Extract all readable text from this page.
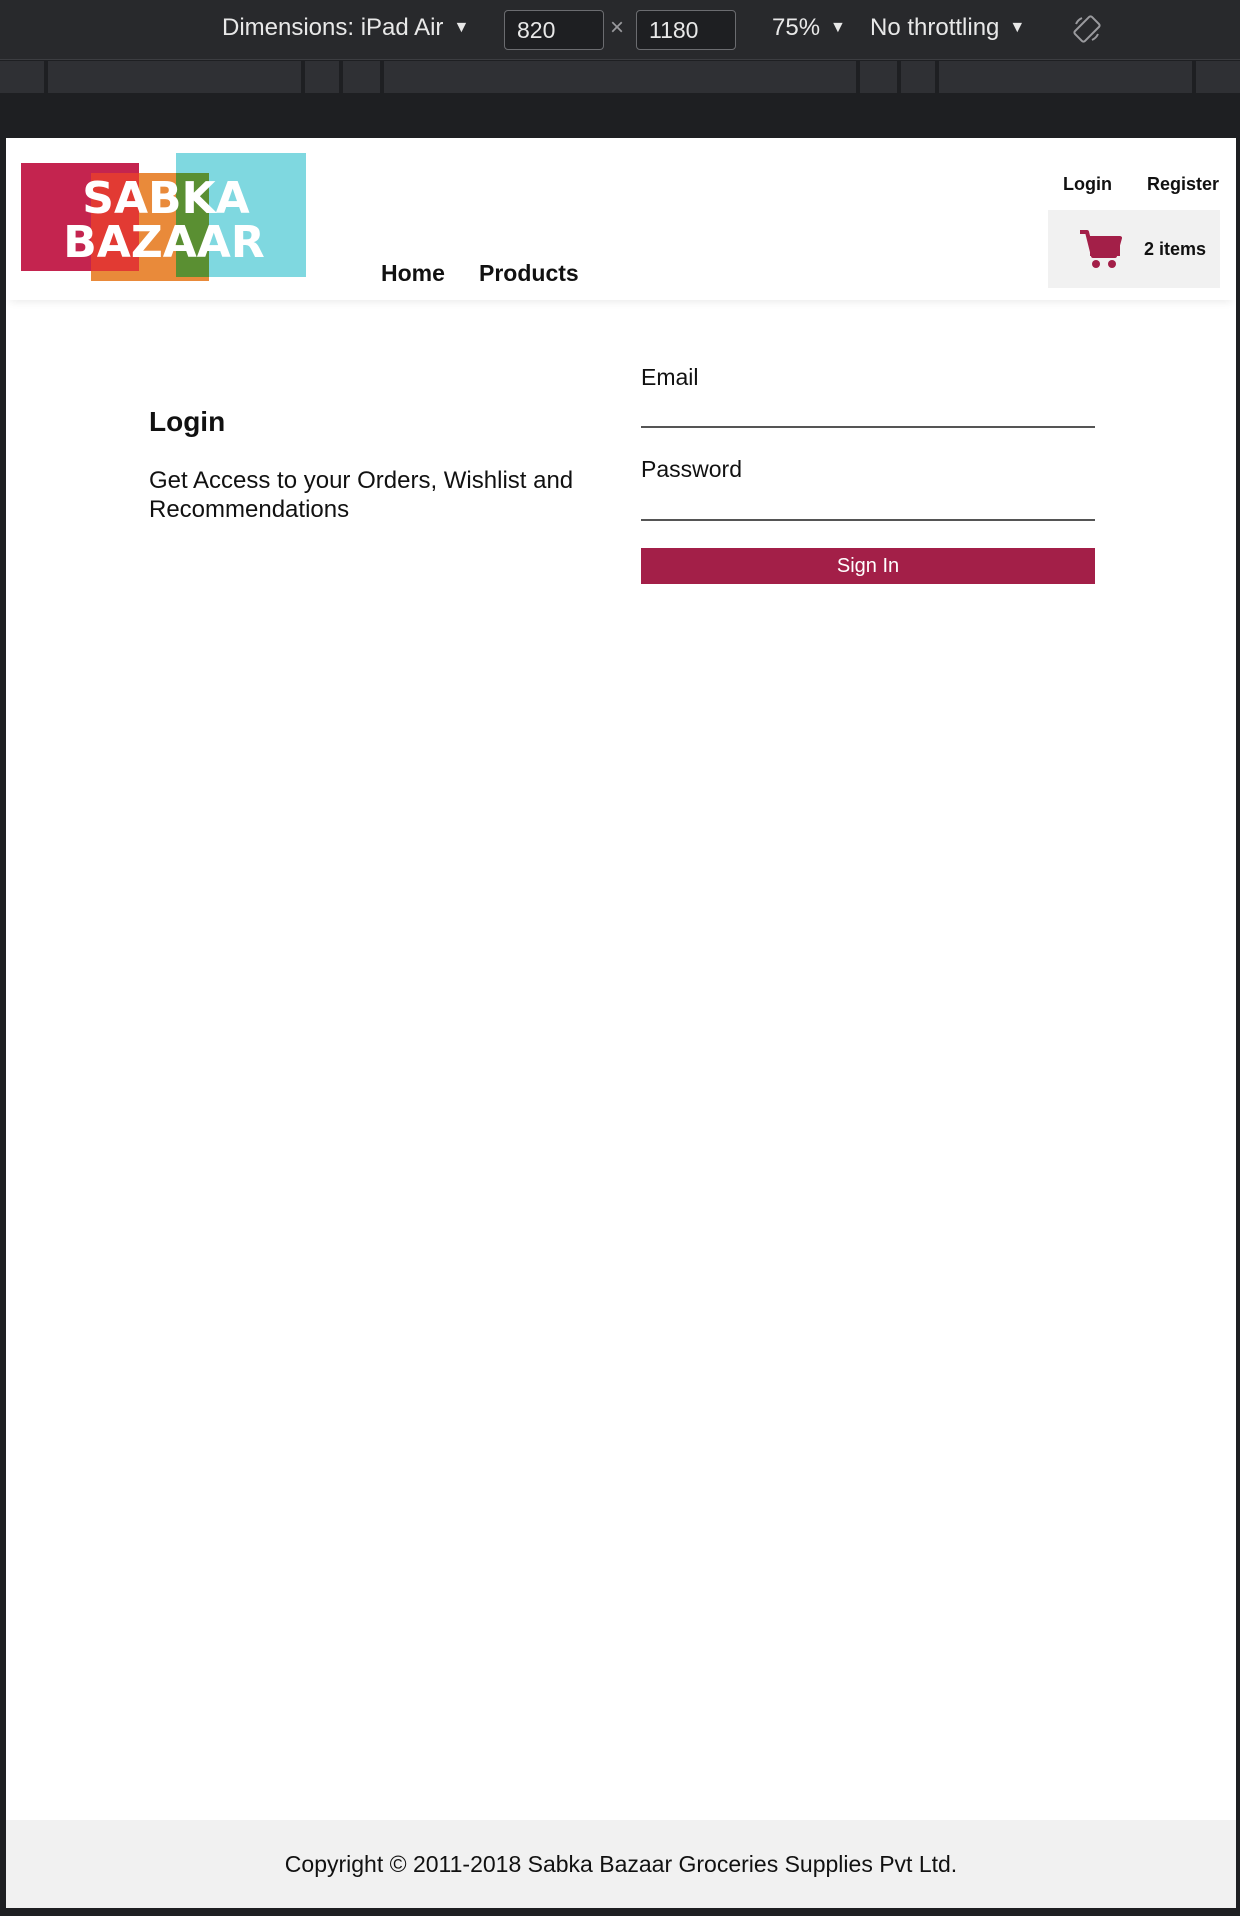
Dimensions: iPad Air ▼	820	×	1180	75% ▼ No throttling ▼
SABKA
BAZAAR
Home Products
Login Register
2 items
Login

Get Access to your Orders, Wishlist and Recommendations

Email
Password
Sign In
Copyright © 2011-2018 Sabka Bazaar Groceries Supplies Pvt Ltd.
